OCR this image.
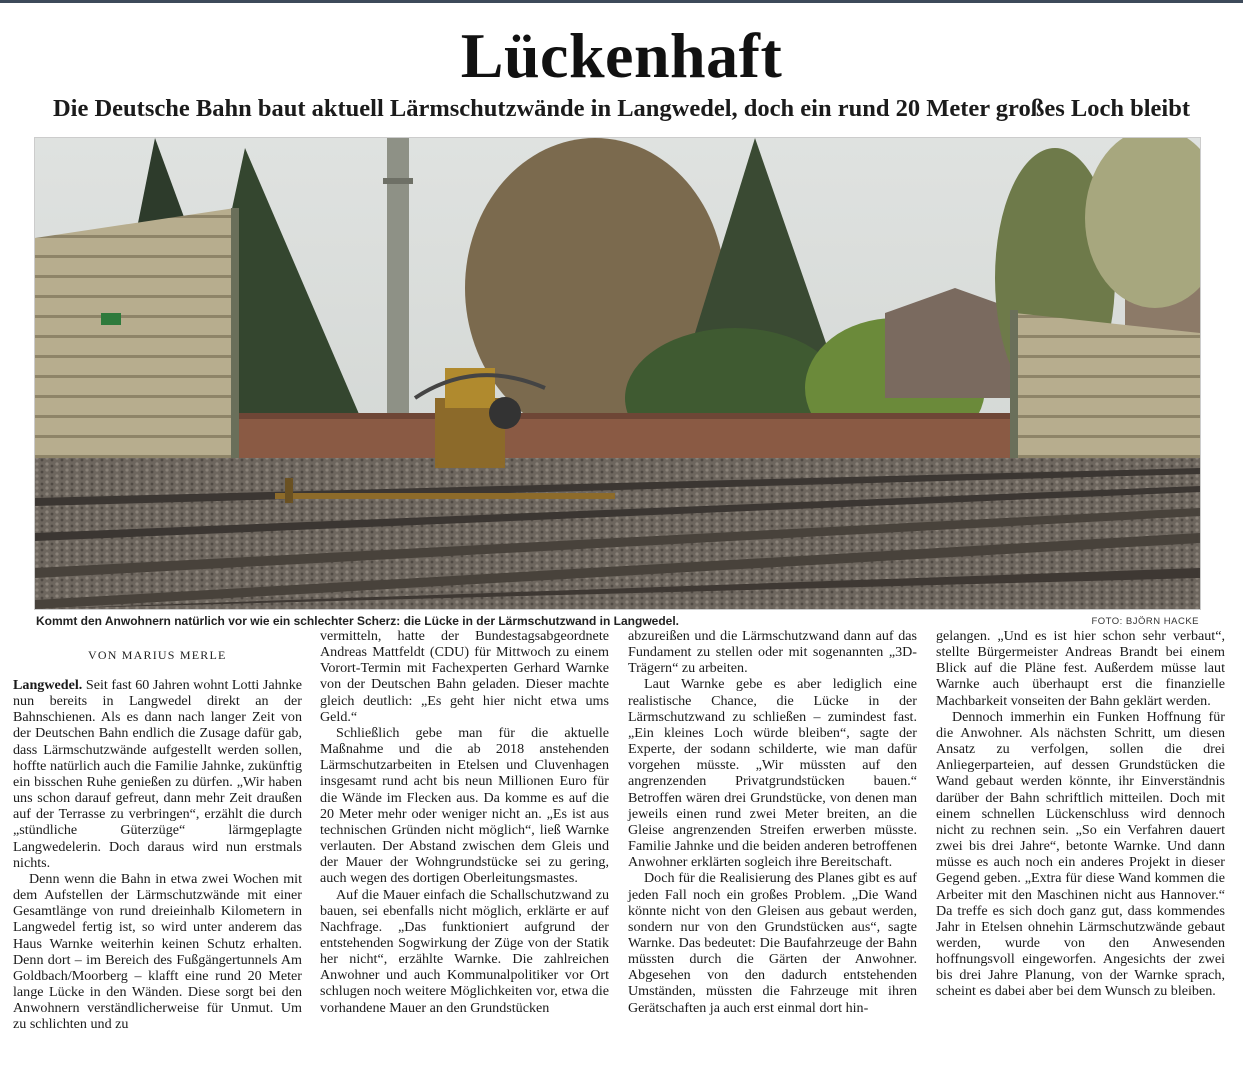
Lückenhaft

Die Deutsche Bahn baut aktuell Lärmschutzwände in Langwedel, doch ein rund 20 Meter großes Loch bleibt

Kommt den Anwohnern natürlich vor wie ein schlechter Scherz: die Lücke in der Lärmschutzwand in Langwedel.	FOTO: BJÖRN HACKE
VON MARIUS MERLE

Langwedel. Seit fast 60 Jahren wohnt Lotti Jahnke nun bereits in Langwedel direkt an der Bahnschienen. Als es dann nach langer Zeit von der Deutschen Bahn endlich die Zusage dafür gab, dass Lärmschutzwände aufgestellt werden sollen, hoffte natürlich auch die Familie Jahnke, zukünftig ein bisschen Ruhe genießen zu dürfen. „Wir haben uns schon darauf gefreut, dann mehr Zeit draußen auf der Terrasse zu verbringen“, erzählt die durch „stündliche Güterzüge“ lärmgeplagte Langwedelerin. Doch daraus wird nun erstmals nichts.

Denn wenn die Bahn in etwa zwei Wochen mit dem Aufstellen der Lärmschutzwände mit einer Gesamtlänge von rund dreieinhalb Kilometern in Langwedel fertig ist, so wird unter anderem das Haus Warnke weiterhin keinen Schutz erhalten. Denn dort – im Bereich des Fußgängertunnels Am Goldbach/Moorberg – klafft eine rund 20 Meter lange Lücke in den Wänden. Diese sorgt bei den Anwohnern verständlicherweise für Unmut. Um zu schlichten und zu

vermitteln, hatte der Bundestagsabgeordnete Andreas Mattfeldt (CDU) für Mittwoch zu einem Vorort-Termin mit Fachexperten Gerhard Warnke von der Deutschen Bahn geladen. Dieser machte gleich deutlich: „Es geht hier nicht etwa ums Geld.“

Schließlich gebe man für die aktuelle Maßnahme und die ab 2018 anstehenden Lärmschutzarbeiten in Etelsen und Cluvenhagen insgesamt rund acht bis neun Millionen Euro für die Wände im Flecken aus. Da komme es auf die 20 Meter mehr oder weniger nicht an. „Es ist aus technischen Gründen nicht möglich“, ließ Warnke verlauten. Der Abstand zwischen dem Gleis und der Mauer der Wohngrundstücke sei zu gering, auch wegen des dortigen Oberleitungsmastes.

Auf die Mauer einfach die Schallschutzwand zu bauen, sei ebenfalls nicht möglich, erklärte er auf Nachfrage. „Das funktioniert aufgrund der entstehenden Sogwirkung der Züge von der Statik her nicht“, erzählte Warnke. Die zahlreichen Anwohner und auch Kommunalpolitiker vor Ort schlugen noch weitere Möglichkeiten vor, etwa die vorhandene Mauer an den Grundstücken

abzureißen und die Lärmschutzwand dann auf das Fundament zu stellen oder mit sogenannten „3D-Trägern“ zu arbeiten.

Laut Warnke gebe es aber lediglich eine realistische Chance, die Lücke in der Lärmschutzwand zu schließen – zumindest fast. „Ein kleines Loch würde bleiben“, sagte der Experte, der sodann schilderte, wie man dafür vorgehen müsste. „Wir müssten auf den angrenzenden Privatgrundstücken bauen.“ Betroffen wären drei Grundstücke, von denen man jeweils einen rund zwei Meter breiten, an die Gleise angrenzenden Streifen erwerben müsste. Familie Jahnke und die beiden anderen betroffenen Anwohner erklärten sogleich ihre Bereitschaft.

Doch für die Realisierung des Planes gibt es auf jeden Fall noch ein großes Problem. „Die Wand könnte nicht von den Gleisen aus gebaut werden, sondern nur von den Grundstücken aus“, sagte Warnke. Das bedeutet: Die Baufahrzeuge der Bahn müssten durch die Gärten der Anwohner. Abgesehen von den dadurch entstehenden Umständen, müssten die Fahrzeuge mit ihren Gerätschaften ja auch erst einmal dort hin-

gelangen. „Und es ist hier schon sehr verbaut“, stellte Bürgermeister Andreas Brandt bei einem Blick auf die Pläne fest. Außerdem müsse laut Warnke auch überhaupt erst die finanzielle Machbarkeit vonseiten der Bahn geklärt werden.

Dennoch immerhin ein Funken Hoffnung für die Anwohner. Als nächsten Schritt, um diesen Ansatz zu verfolgen, sollen die drei Anliegerparteien, auf dessen Grundstücken die Wand gebaut werden könnte, ihr Einverständnis darüber der Bahn schriftlich mitteilen. Doch mit einem schnellen Lückenschluss wird dennoch nicht zu rechnen sein. „So ein Verfahren dauert zwei bis drei Jahre“, betonte Warnke. Und dann müsse es auch noch ein anderes Projekt in dieser Gegend geben. „Extra für diese Wand kommen die Arbeiter mit den Maschinen nicht aus Hannover.“ Da treffe es sich doch ganz gut, dass kommendes Jahr in Etelsen ohnehin Lärmschutzwände gebaut werden, wurde von den Anwesenden hoffnungsvoll eingeworfen. Angesichts der zwei bis drei Jahre Planung, von der Warnke sprach, scheint es dabei aber bei dem Wunsch zu bleiben.
